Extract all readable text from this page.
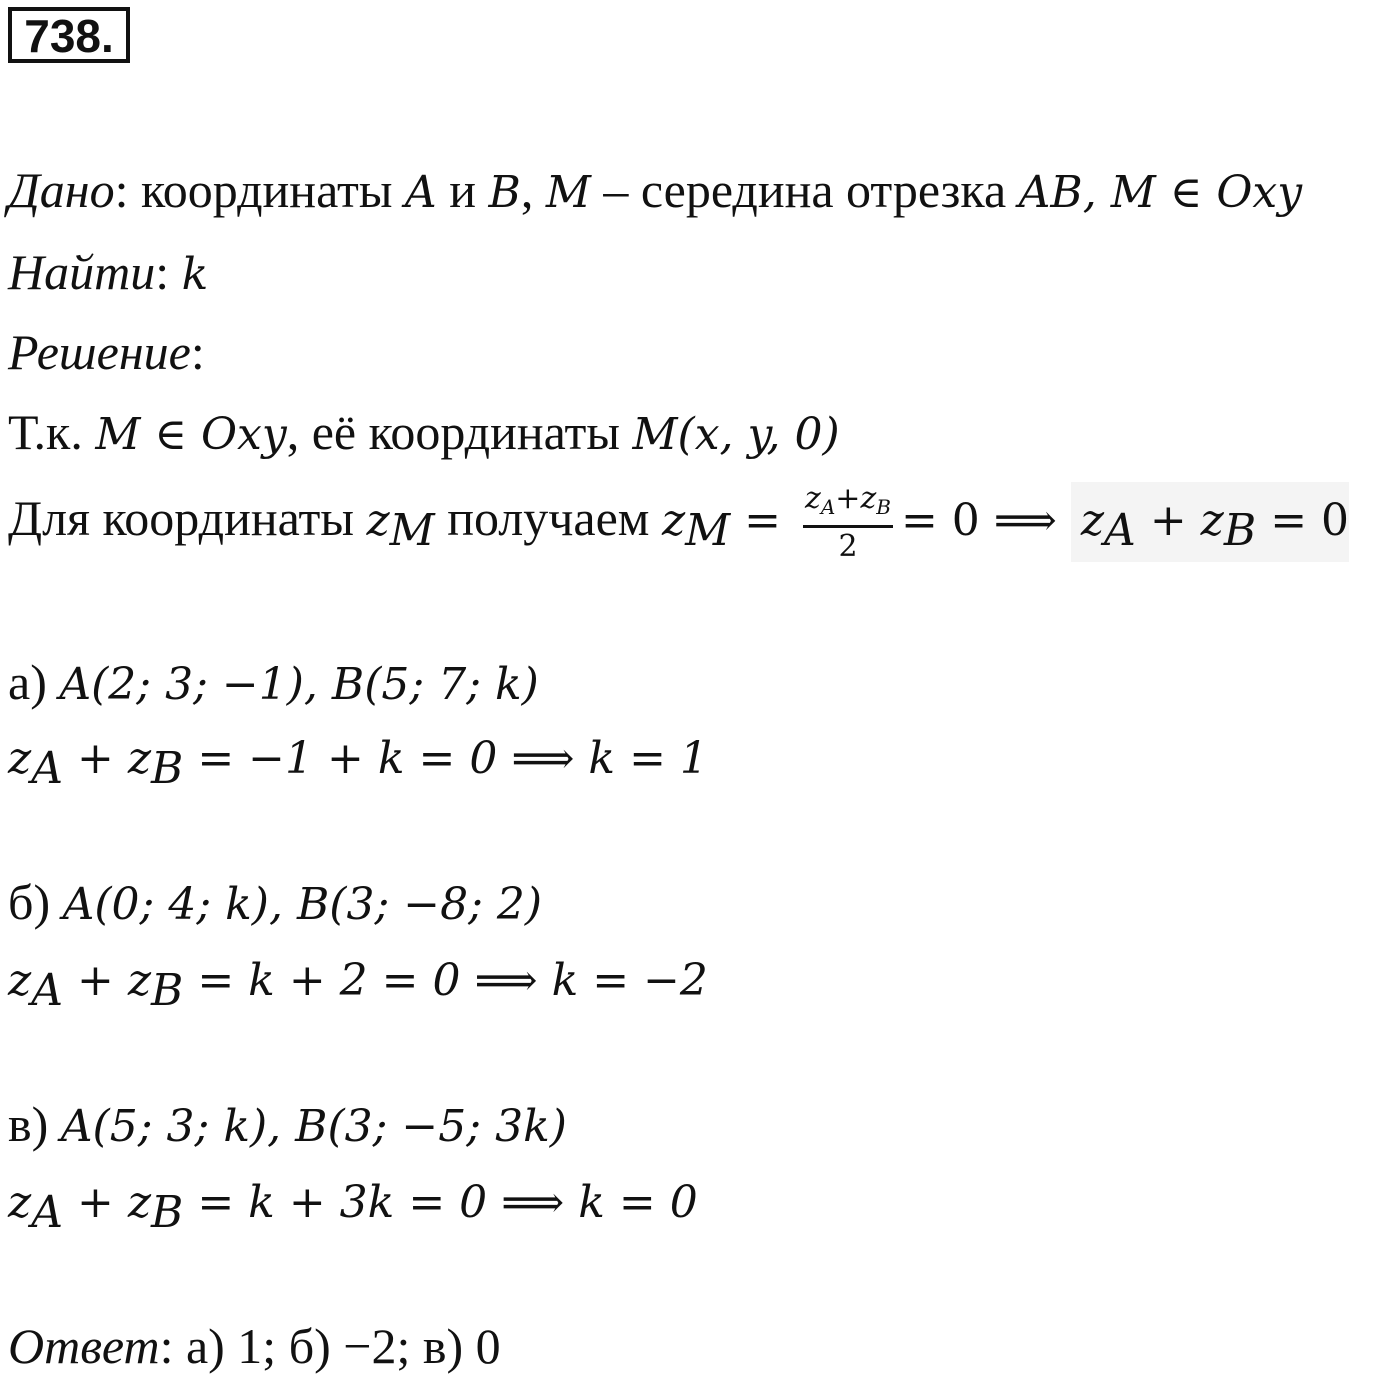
738.
Дано: координаты A и B, M – середина отрезка AB, M ∈ Oxy
Найти: k
Решение:
Т.к. M ∈ Oxy, её координаты M(x, y, 0)
Для координаты $z_M$ получаем $z_M = \frac{z_A+z_B}{2} = 0$ ⟹ $z_A + z_B = 0$
а) A(2; 3; −1), B(5; 7; k)
$z_A + z_B = -1 + k = 0$ ⟹ k = 1
б) A(0; 4; k), B(3; −8; 2)
$z_A + z_B = k + 2 = 0$ ⟹ k = −2
в) A(5; 3; k), B(3; −5; 3k)
$z_A + z_B = k + 3k = 0$ ⟹ k = 0
Ответ: а) 1; б) −2; в) 0
